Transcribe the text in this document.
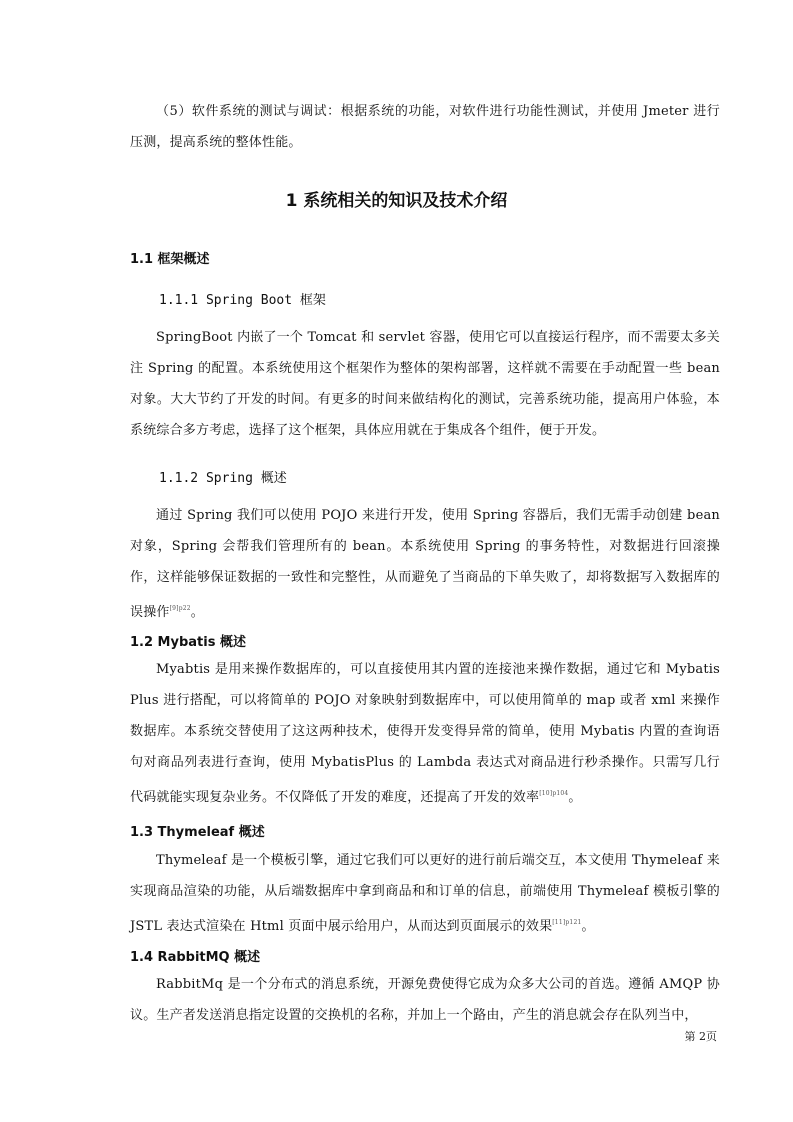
（5）软件系统的测试与调试：根据系统的功能，对软件进行功能性测试，并使用 Jmeter 进行压测，提高系统的整体性能。

1 系统相关的知识及技术介绍
1.1 框架概述
1.1.1 Spring Boot 框架

SpringBoot 内嵌了一个 Tomcat 和 servlet 容器，使用它可以直接运行程序，而不需要太多关注 Spring 的配置。本系统使用这个框架作为整体的架构部署，这样就不需要在手动配置一些 bean 对象。大大节约了开发的时间。有更多的时间来做结构化的测试，完善系统功能，提高用户体验，本系统综合多方考虑，选择了这个框架，具体应用就在于集成各个组件，便于开发。

1.1.2 Spring 概述

通过 Spring 我们可以使用 POJO 来进行开发，使用 Spring 容器后，我们无需手动创建 bean 对象，Spring 会帮我们管理所有的 bean。本系统使用 Spring 的事务特性，对数据进行回滚操作，这样能够保证数据的一致性和完整性，从而避免了当商品的下单失败了，却将数据写入数据库的误操作$^{[9]p22}$。

1.2 Mybatis 概述

Myabtis 是用来操作数据库的，可以直接使用其内置的连接池来操作数据，通过它和 Mybatis Plus 进行搭配，可以将简单的 POJO 对象映射到数据库中，可以使用简单的 map 或者 xml 来操作数据库。本系统交替使用了这这两种技术，使得开发变得异常的简单，使用 Mybatis 内置的查询语句对商品列表进行查询，使用 MybatisPlus 的 Lambda 表达式对商品进行秒杀操作。只需写几行代码就能实现复杂业务。不仅降低了开发的难度，还提高了开发的效率$^{[10]p104}$。

1.3 Thymeleaf 概述

Thymeleaf 是一个模板引擎，通过它我们可以更好的进行前后端交互，本文使用 Thymeleaf 来实现商品渲染的功能，从后端数据库中拿到商品和和订单的信息，前端使用 Thymeleaf 模板引擎的 JSTL 表达式渲染在 Html 页面中展示给用户，从而达到页面展示的效果$^{[11]p121}$。

1.4 RabbitMQ 概述

RabbitMq 是一个分布式的消息系统，开源免费使得它成为众多大公司的首选。遵循 AMQP 协议。生产者发送消息指定设置的交换机的名称，并加上一个路由，产生的消息就会存在队列当中，

第 2页
